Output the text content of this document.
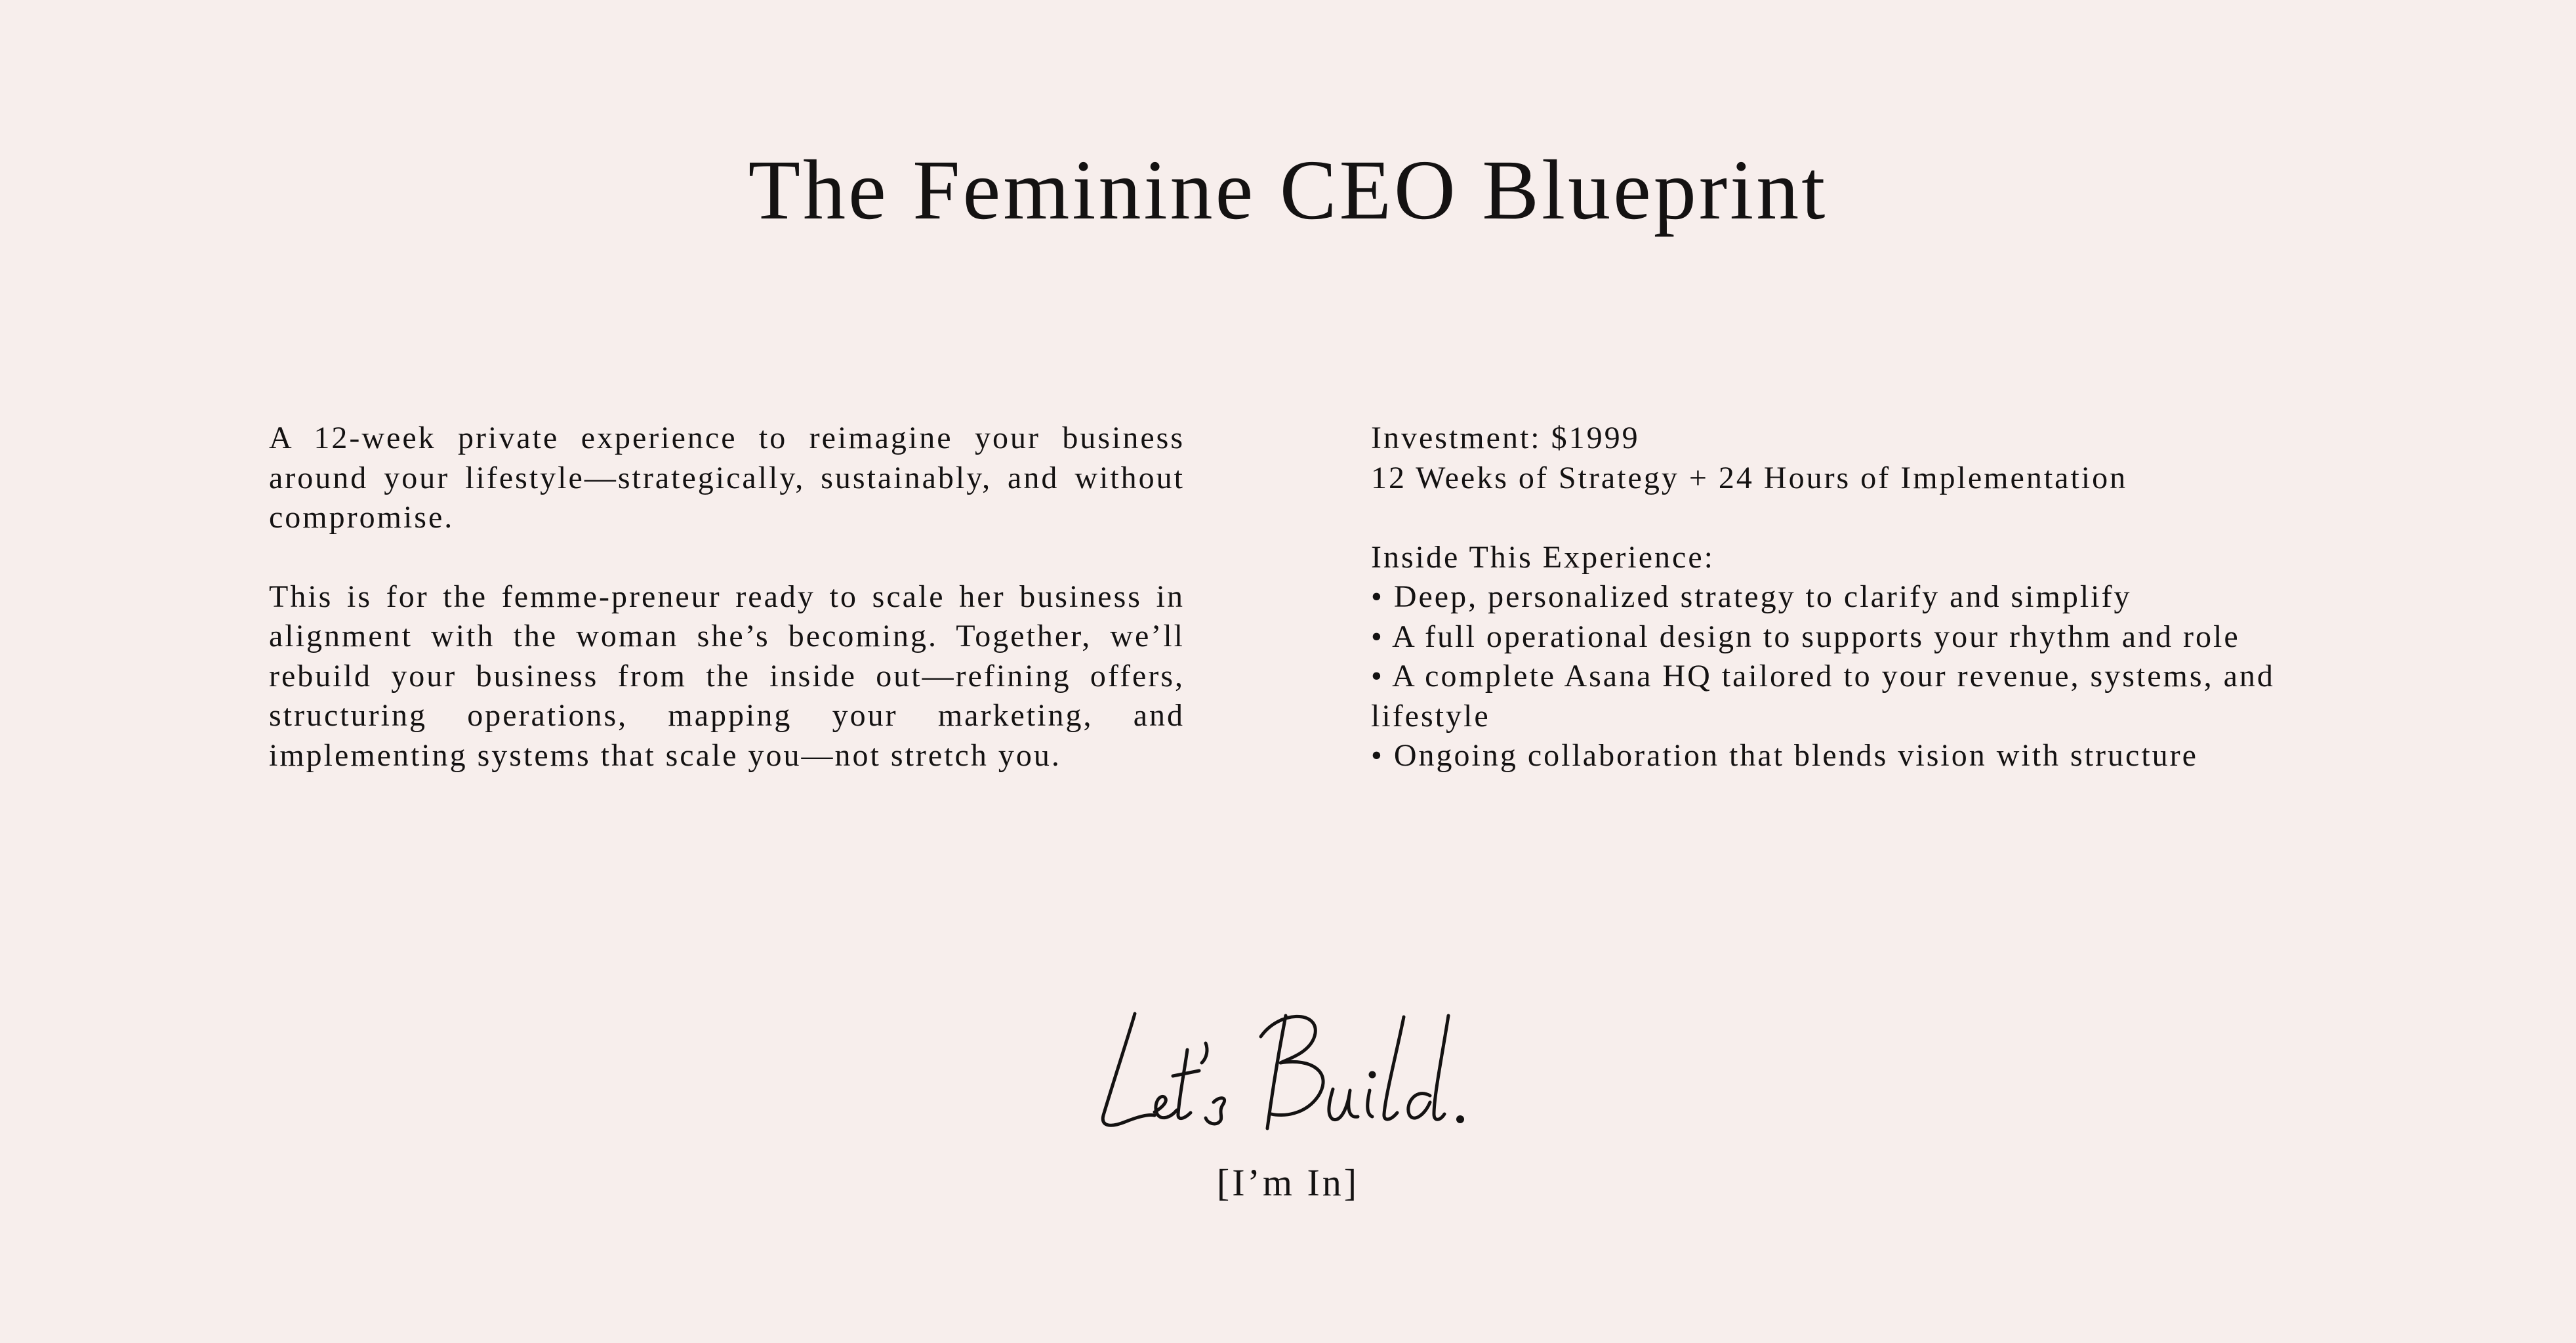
The Feminine CEO Blueprint

A 12-week private experience to reimagine your business around your lifestyle—strategically, sustainably, and without compromise.

This is for the femme-preneur ready to scale her business in alignment with the woman she’s becoming. Together, we’ll rebuild your business from the inside out—refining offers, structuring operations, mapping your marketing, and implementing systems that scale you—not stretch you.

Investment: $1999
12 Weeks of Strategy + 24 Hours of Implementation
Inside This Experience:
• Deep, personalized strategy to clarify and simplify
• A full operational design to supports your rhythm and role
• A complete Asana HQ tailored to your revenue, systems, and lifestyle
• Ongoing collaboration that blends vision with structure
[I’m In]
